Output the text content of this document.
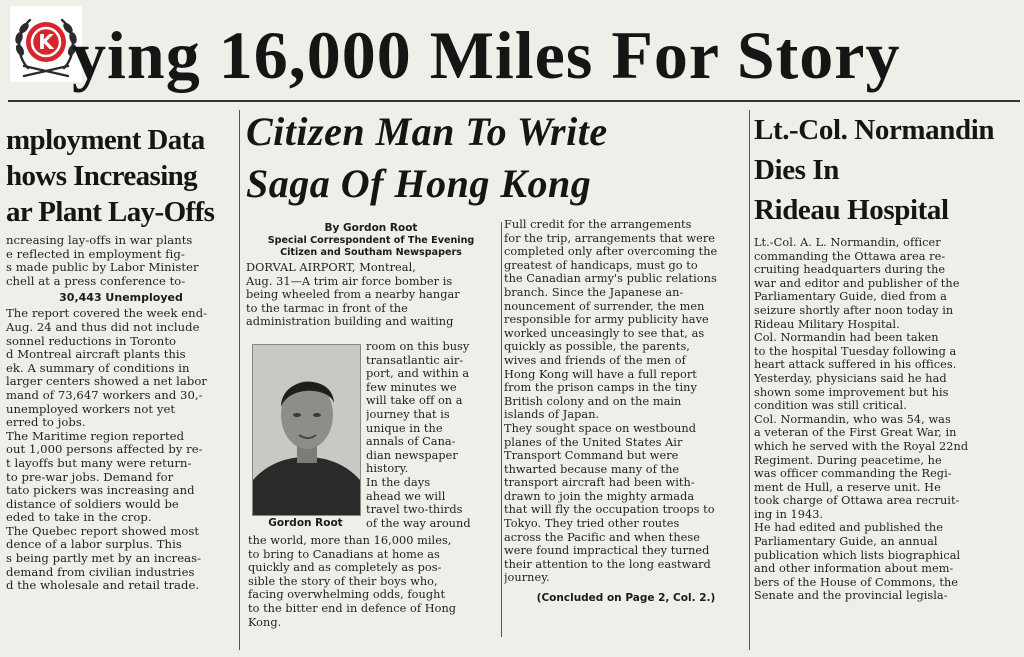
K ying 16,000 Miles For Story
mployment Data
hows Increasing
ar Plant Lay-Offs
ncreasing lay-offs in war plants
e reflected in employment fig-
s made public by Labor Minister
chell at a press conference to-
30,443 Unemployed
The report covered the week end-
Aug. 24 and thus did not include
sonnel reductions in Toronto
d Montreal aircraft plants this
ek. A summary of conditions in
larger centers showed a net labor
mand of 73,647 workers and 30,-
unemployed workers not yet
erred to jobs.
The Maritime region reported
out 1,000 persons affected by re-
t layoffs but many were return-
to pre-war jobs. Demand for
tato pickers was increasing and
distance of soldiers would be
eded to take in the crop.
The Quebec report showed most
dence of a labor surplus. This
s being partly met by an increas-
demand from civilian industries
d the wholesale and retail trade.
Citizen Man To Write
Saga Of Hong Kong
By Gordon Root
Special Correspondent of The Evening
Citizen and Southam Newspapers
DORVAL AIRPORT, Montreal,
Aug. 31—A trim air force bomber is
being wheeled from a nearby hangar
to the tarmac in front of the
administration building and waiting
Gordon Root
room on this busy
transatlantic air-
port, and within a
few minutes we
will take off on a
journey that is
unique in the
annals of Cana-
dian newspaper
history.
In the days
ahead we will
travel two-thirds
of the way around
the world, more than 16,000 miles,
to bring to Canadians at home as
quickly and as completely as pos-
sible the story of their boys who,
facing overwhelming odds, fought
to the bitter end in defence of Hong
Kong.
Full credit for the arrangements
for the trip, arrangements that were
completed only after overcoming the
greatest of handicaps, must go to
the Canadian army's public relations
branch. Since the Japanese an-
nouncement of surrender, the men
responsible for army publicity have
worked unceasingly to see that, as
quickly as possible, the parents,
wives and friends of the men of
Hong Kong will have a full report
from the prison camps in the tiny
British colony and on the main
islands of Japan.
They sought space on westbound
planes of the United States Air
Transport Command but were
thwarted because many of the
transport aircraft had been with-
drawn to join the mighty armada
that will fly the occupation troops to
Tokyo. They tried other routes
across the Pacific and when these
were found impractical they turned
their attention to the long eastward
journey.
(Concluded on Page 2, Col. 2.)
Lt.-Col. Normandin
Dies In
Rideau Hospital
Lt.-Col. A. L. Normandin, officer
commanding the Ottawa area re-
cruiting headquarters during the
war and editor and publisher of the
Parliamentary Guide, died from a
seizure shortly after noon today in
Rideau Military Hospital.
Col. Normandin had been taken
to the hospital Tuesday following a
heart attack suffered in his offices.
Yesterday, physicians said he had
shown some improvement but his
condition was still critical.
Col. Normandin, who was 54, was
a veteran of the First Great War, in
which he served with the Royal 22nd
Regiment. During peacetime, he
was officer commanding the Regi-
ment de Hull, a reserve unit. He
took charge of Ottawa area recruit-
ing in 1943.
He had edited and published the
Parliamentary Guide, an annual
publication which lists biographical
and other information about mem-
bers of the House of Commons, the
Senate and the provincial legisla-
